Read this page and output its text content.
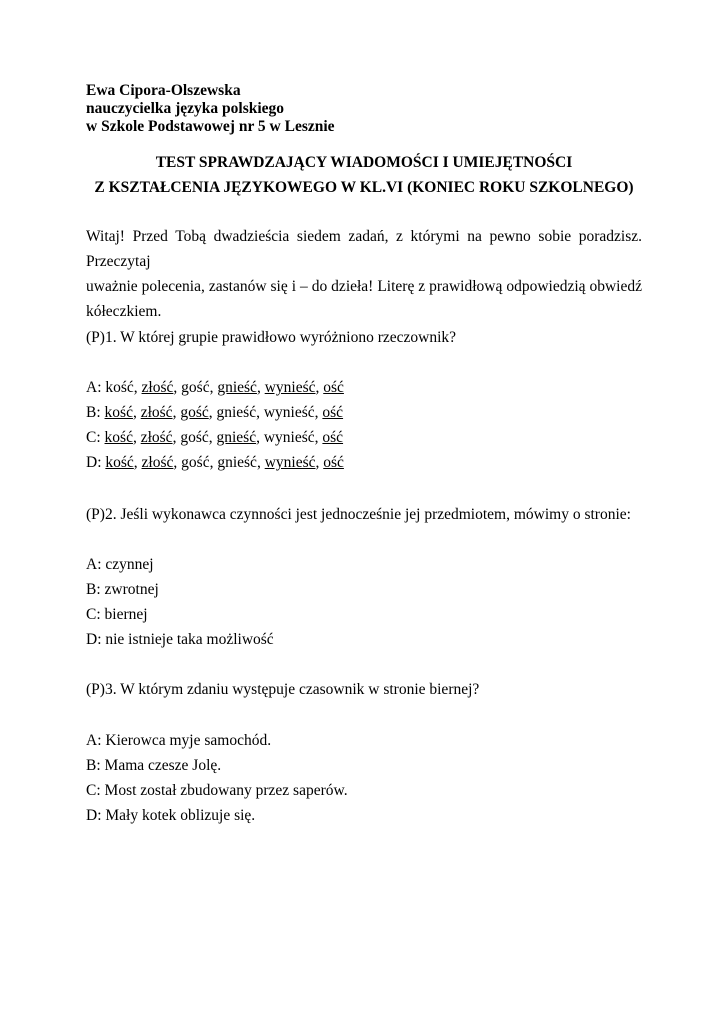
Ewa Cipora-Olszewska
nauczycielka języka polskiego
w Szkole Podstawowej nr 5 w Lesznie
TEST SPRAWDZAJĄCY WIADOMOŚCI I UMIEJĘTNOŚCI
Z KSZTAŁCENIA JĘZYKOWEGO W KL.VI (KONIEC ROKU SZKOLNEGO)
Witaj! Przed Tobą dwadzieścia siedem zadań, z którymi na pewno sobie poradzisz. Przeczytaj
uważnie polecenia, zastanów się i – do dzieła! Literę z prawidłową odpowiedzią obwiedź
kółeczkiem.
(P)1. W której grupie prawidłowo wyróżniono rzeczownik?
A: kość, złość, gość, gnieść, wynieść, ość
B: kość, złość, gość, gnieść, wynieść, ość
C: kość, złość, gość, gnieść, wynieść, ość
D: kość, złość, gość, gnieść, wynieść, ość
(P)2. Jeśli wykonawca czynności jest jednocześnie jej przedmiotem, mówimy o stronie:
A: czynnej
B: zwrotnej
C: biernej
D: nie istnieje taka możliwość
(P)3. W którym zdaniu występuje czasownik w stronie biernej?
A: Kierowca myje samochód.
B: Mama czesze Jolę.
C: Most został zbudowany przez saperów.
D: Mały kotek oblizuje się.
